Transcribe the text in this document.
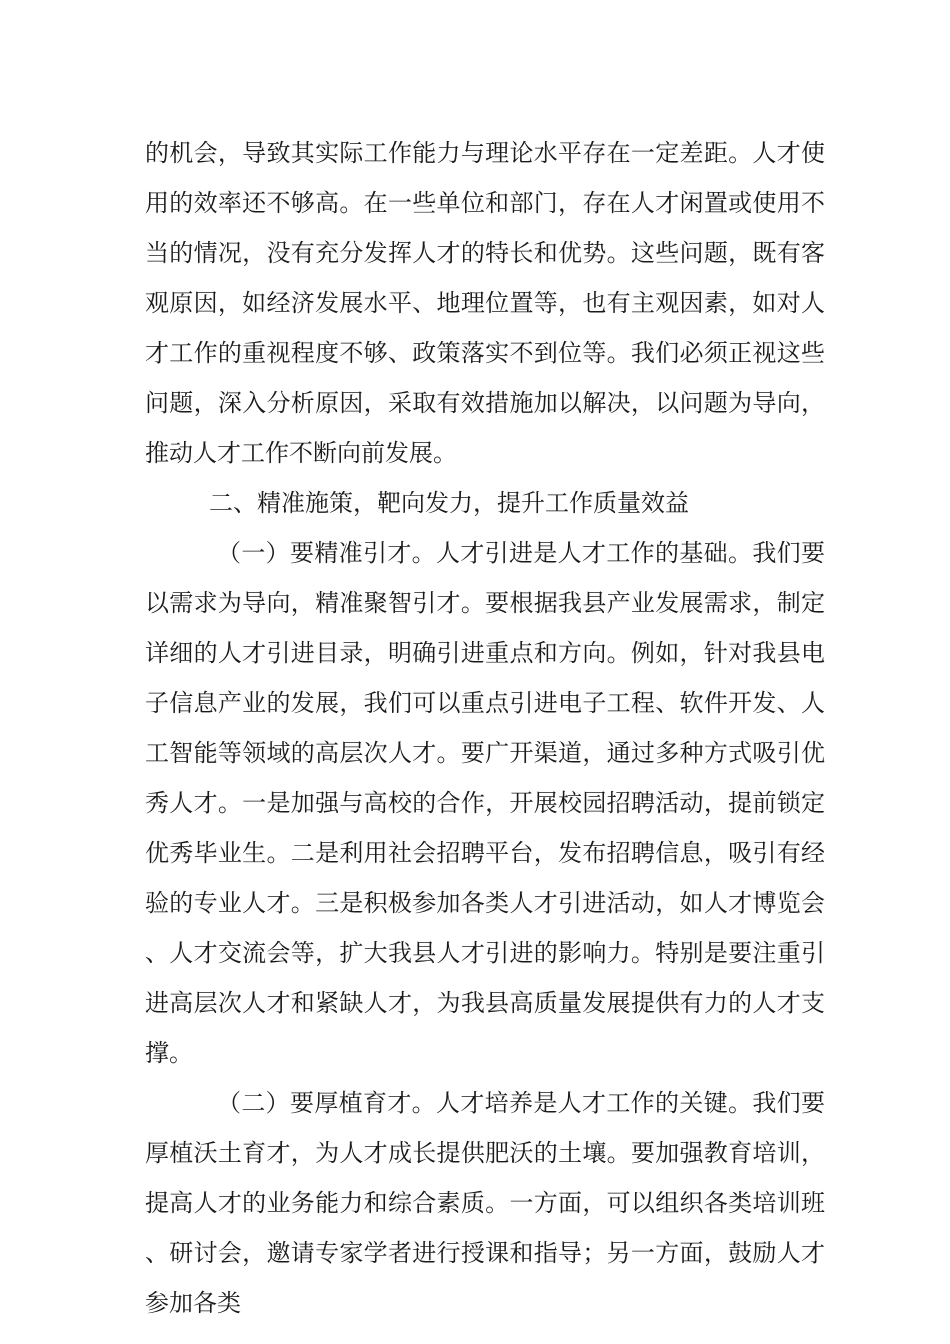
的机会，导致其实际工作能力与理论水平存在一定差距。人才使用的效率还不够高。在一些单位和部门，存在人才闲置或使用不当的情况，没有充分发挥人才的特长和优势。这些问题，既有客观原因，如经济发展水平、地理位置等，也有主观因素，如对人才工作的重视程度不够、政策落实不到位等。我们必须正视这些问题，深入分析原因，采取有效措施加以解决，以问题为导向，推动人才工作不断向前发展。

二、精准施策，靶向发力，提升工作质量效益

（一）要精准引才。人才引进是人才工作的基础。我们要以需求为导向，精准聚智引才。要根据我县产业发展需求，制定详细的人才引进目录，明确引进重点和方向。例如，针对我县电子信息产业的发展，我们可以重点引进电子工程、软件开发、人工智能等领域的高层次人才。要广开渠道，通过多种方式吸引优秀人才。一是加强与高校的合作，开展校园招聘活动，提前锁定优秀毕业生。二是利用社会招聘平台，发布招聘信息，吸引有经验的专业人才。三是积极参加各类人才引进活动，如人才博览会、人才交流会等，扩大我县人才引进的影响力。特别是要注重引进高层次人才和紧缺人才，为我县高质量发展提供有力的人才支撑。

（二）要厚植育才。人才培养是人才工作的关键。我们要厚植沃土育才，为人才成长提供肥沃的土壤。要加强教育培训，提高人才的业务能力和综合素质。一方面，可以组织各类培训班、研讨会，邀请专家学者进行授课和指导；另一方面，鼓励人才参加各类
